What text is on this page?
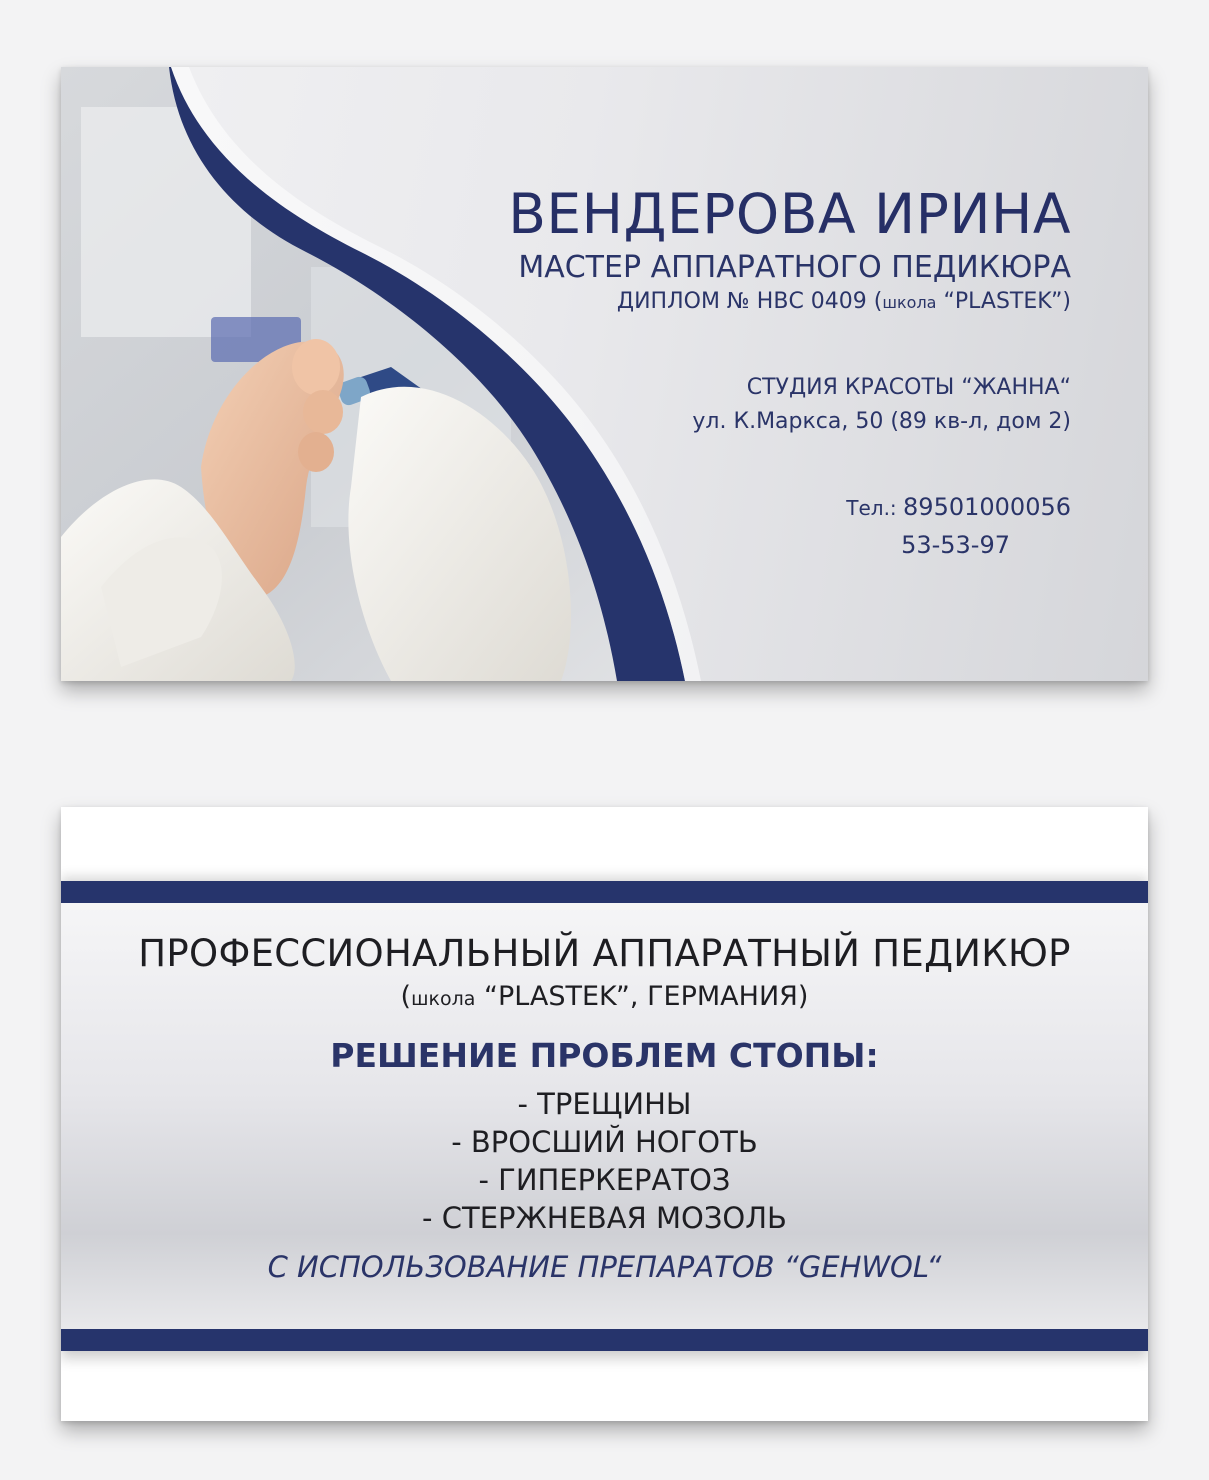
ВЕНДЕРОВА ИРИНА
МАСТЕР АППАРАТНОГО ПЕДИКЮРА
ДИПЛОМ № НВС 0409 (школа “PLASTEK”)
СТУДИЯ КРАСОТЫ “ЖАННА“
ул. К.Маркса, 50 (89 кв-л, дом 2)
Тел.: 89501000056
53-53-97
ПРОФЕССИОНАЛЬНЫЙ АППАРАТНЫЙ ПЕДИКЮР
(школа “PLASTEK”, ГЕРМАНИЯ)
РЕШЕНИЕ ПРОБЛЕМ СТОПЫ:
- ТРЕЩИНЫ
- ВРОСШИЙ НОГОТЬ
- ГИПЕРКЕРАТОЗ
- СТЕРЖНЕВАЯ МОЗОЛЬ
С ИСПОЛЬЗОВАНИЕ ПРЕПАРАТОВ “GEHWOL“
